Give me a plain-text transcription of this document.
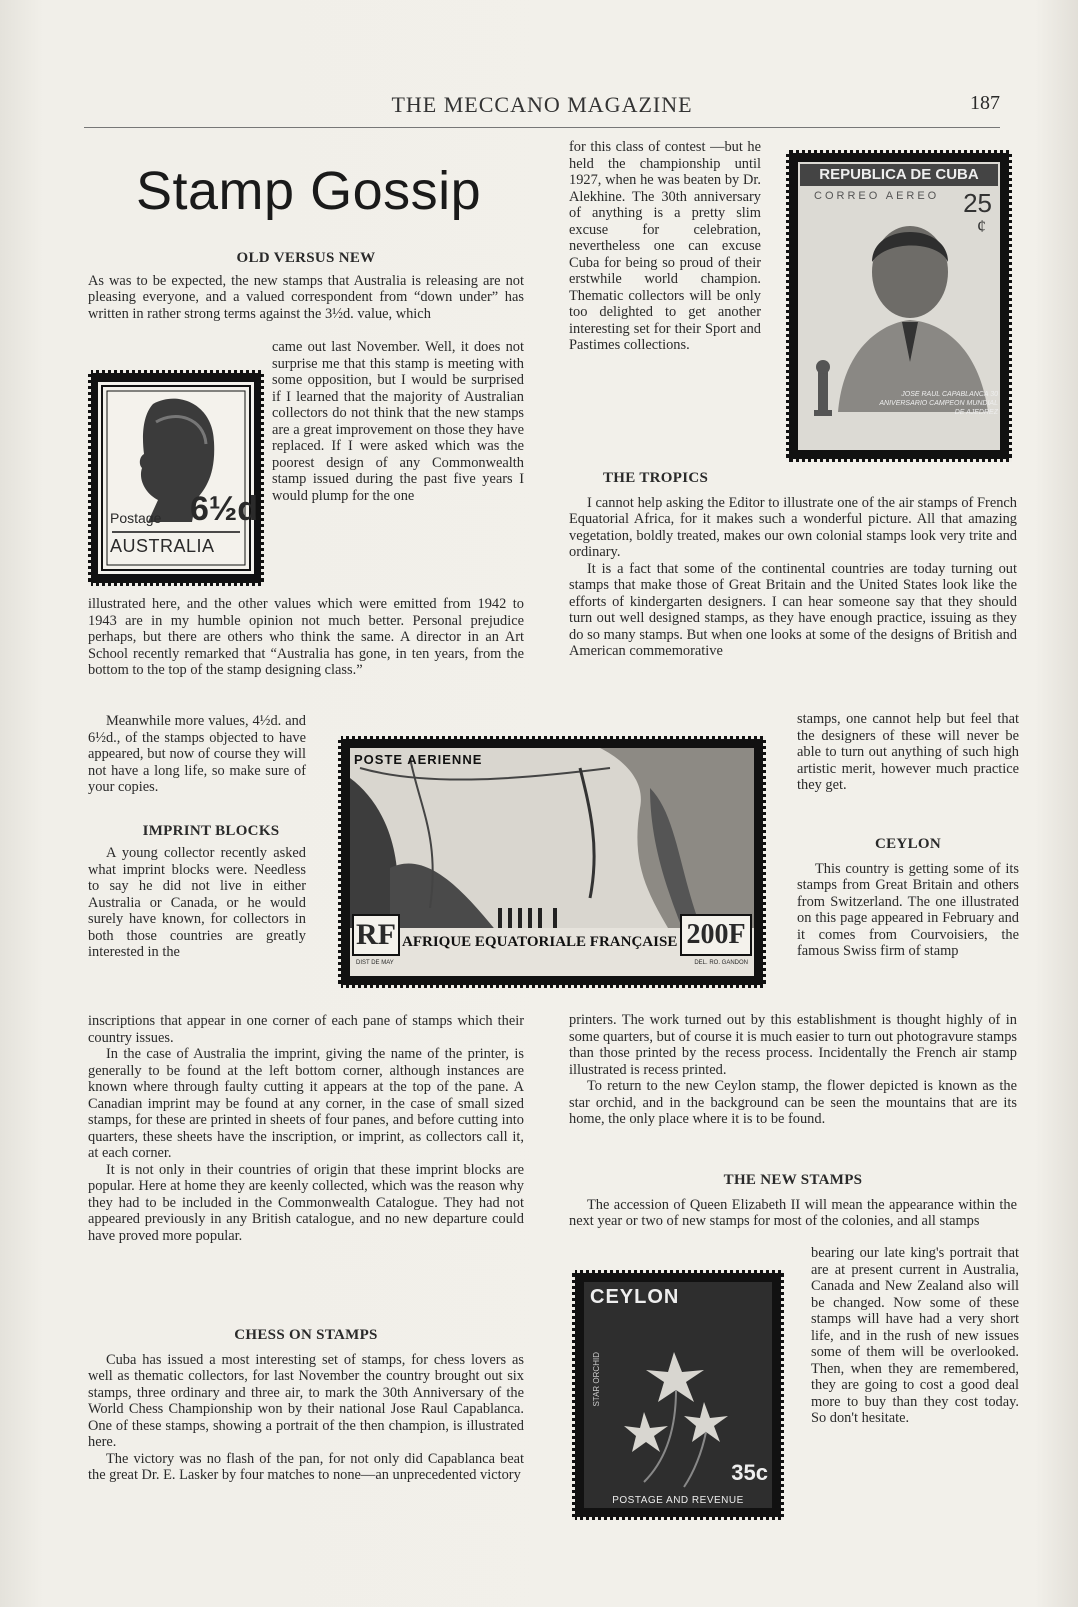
THE MECCANO MAGAZINE	187
Stamp Gossip
OLD VERSUS NEW

As was to be expected, the new stamps that Australia is releasing are not pleasing everyone, and a valued correspondent from “down under” has written in rather strong terms against the 3½d. value, which

came out last November. Well, it does not surprise me that this stamp is meeting with some opposition, but I would be surprised if I learned that the majority of Australian collectors do not think that the new stamps are a great improvement on those they have replaced. If I were asked which was the poorest design of any Commonwealth stamp issued during the past five years I would plump for the one

illustrated here, and the other values which were emitted from 1942 to 1943 are in my humble opinion not much better. Personal prejudice perhaps, but there are others who think the same. A director in an Art School recently remarked that “Australia has gone, in ten years, from the bottom to the top of the stamp designing class.”

Meanwhile more values, 4½d. and 6½d., of the stamps objected to have appeared, but now of course they will not have a long life, so make sure of your copies.

Postage 6½d
AUSTRALIA
IMPRINT BLOCKS

A young collector recently asked what imprint blocks were. Needless to say he did not live in either Australia or Canada, or he would surely have known, for collectors in both those countries are greatly interested in the

inscriptions that appear in one corner of each pane of stamps which their country issues.

In the case of Australia the imprint, giving the name of the printer, is generally to be found at the left bottom corner, although instances are known where through faulty cutting it appears at the top of the pane. A Canadian imprint may be found at any corner, in the case of small sized stamps, for these are printed in sheets of four panes, and before cutting into quarters, these sheets have the inscription, or imprint, as collectors call it, at each corner.

It is not only in their countries of origin that these imprint blocks are popular. Here at home they are keenly collected, which was the reason why they had to be included in the Commonwealth Catalogue. They had not appeared previously in any British catalogue, and no new departure could have proved more popular.

CHESS ON STAMPS

Cuba has issued a most interesting set of stamps, for chess lovers as well as thematic collectors, for last November the country brought out six stamps, three ordinary and three air, to mark the 30th Anniversary of the World Chess Championship won by their national Jose Raul Capablanca. One of these stamps, showing a portrait of the then champion, is illustrated here.

The victory was no flash of the pan, for not only did Capablanca beat the great Dr. E. Lasker by four matches to none—an unprecedented victory

for this class of contest —but he held the championship until 1927, when he was beaten by Dr. Alekhine. The 30th anniversary of anything is a pretty slim excuse for celebration, nevertheless one can excuse Cuba for being so proud of their erstwhile world champion. Thematic collectors will be only too delighted to get another interesting set for their Sport and Pastimes collections.

REPUBLICA DE CUBA
CORREO AEREO 25
¢
JOSE RAUL CAPABLANCA 30 ANIVERSARIO CAMPEON MUNDIAL DE AJEDREZ
THE TROPICS

I cannot help asking the Editor to illustrate one of the air stamps of French Equatorial Africa, for it makes such a wonderful picture. All that amazing vegetation, boldly treated, makes our own colonial stamps look very trite and ordinary.

It is a fact that some of the continental countries are today turning out stamps that make those of Great Britain and the United States look like the efforts of kindergarten designers. I can hear someone say that they should turn out well designed stamps, as they have enough practice, issuing as they do so many stamps. But when one looks at some of the designs of British and American commemorative

stamps, one cannot help but feel that the designers of these will never be able to turn out anything of such high artistic merit, however much practice they get.

POSTE AERIENNE
RF AFRIQUE EQUATORIALE FRANÇAISE 200F
DIST DE MAY	DEL. RO. GANDON
CEYLON

This country is getting some of its stamps from Great Britain and others from Switzerland. The one illustrated on this page appeared in February and it comes from Courvoisiers, the famous Swiss firm of stamp

printers. The work turned out by this establishment is thought highly of in some quarters, but of course it is much easier to turn out photogravure stamps than those printed by the recess process. Incidentally the French air stamp illustrated is recess printed.

To return to the new Ceylon stamp, the flower depicted is known as the star orchid, and in the background can be seen the mountains that are its home, the only place where it is to be found.

THE NEW STAMPS

The accession of Queen Elizabeth II will mean the appearance within the next year or two of new stamps for most of the colonies, and all stamps

bearing our late king's portrait that are at present current in Australia, Canada and New Zealand also will be changed. Now some of these stamps will have had a very short life, and in the rush of new issues some of them will be overlooked. Then, when they are remembered, they are going to cost a good deal more to buy than they cost today. So don't hesitate.

CEYLON
STAR ORCHID
35c
POSTAGE AND REVENUE
